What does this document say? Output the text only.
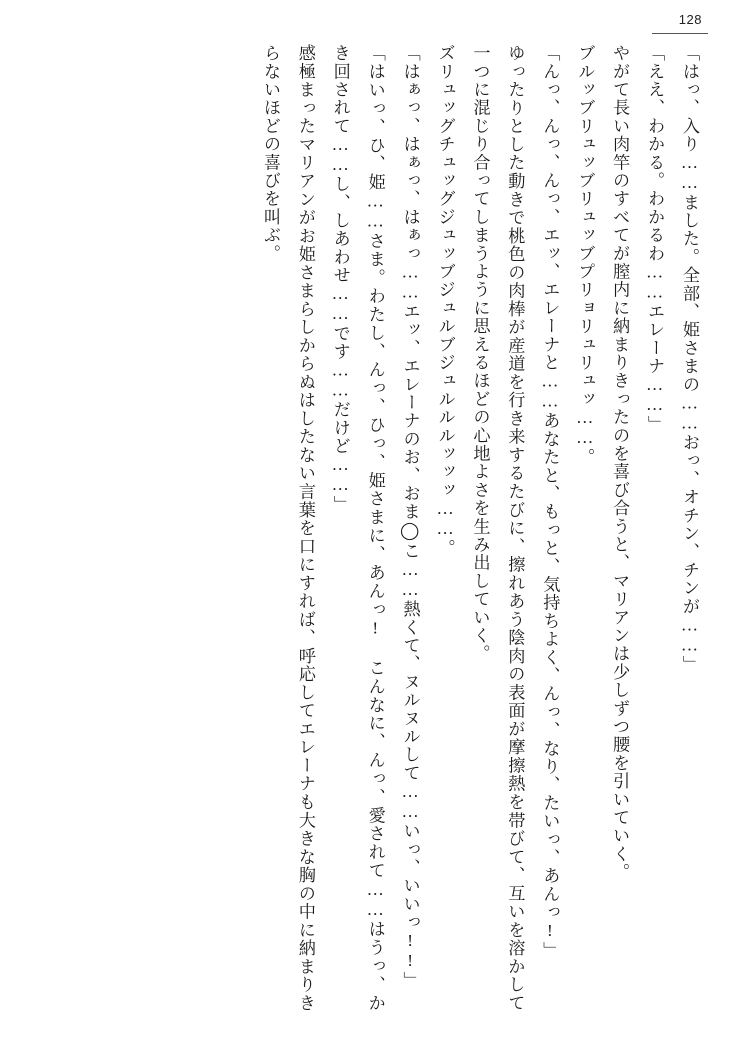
128

「はっ、入り……ました。全部、姫さまの……おっ、オチン、チンが……」

「ええ、わかる。わかるわ……エレーナ……」

やがて長い肉竿のすべてが膣内に納まりきったのを喜び合うと、マリアンは少しずつ腰を引いていく。

ブルッブリュッブリュッブプリョリュリュッ……。

「んっ、んっ、んっ、エッ、エレーナと……あなたと、もっと、気持ちよく、んっ、なり、たいっ、あんっ!」

ゆったりとした動きで桃色の肉棒が産道を行き来するたびに、擦れあう陰肉の表面が摩擦熱を帯びて、互いを溶かして一つに混じり合ってしまうように思えるほどの心地よさを生み出していく。

ズリュッグチュッグジュッブジュルブジュルルルッッッ……。

「はぁっ、はぁっ、はぁっ……エッ、エレーナのお、おま◯こ……熱くて、ヌルヌルして……いっ、いいっ!!」

「はいっ、ひ、姫……さま。わたし、んっ、ひっ、姫さまに、あんっ! こんなに、んっ、愛されて……はうっ、かき回されて……し、しあわせ……です……だけど……」

感極まったマリアンがお姫さまらしからぬはしたない言葉を口にすれば、呼応してエレーナも大きな胸の中に納まりきらないほどの喜びを叫ぶ。
